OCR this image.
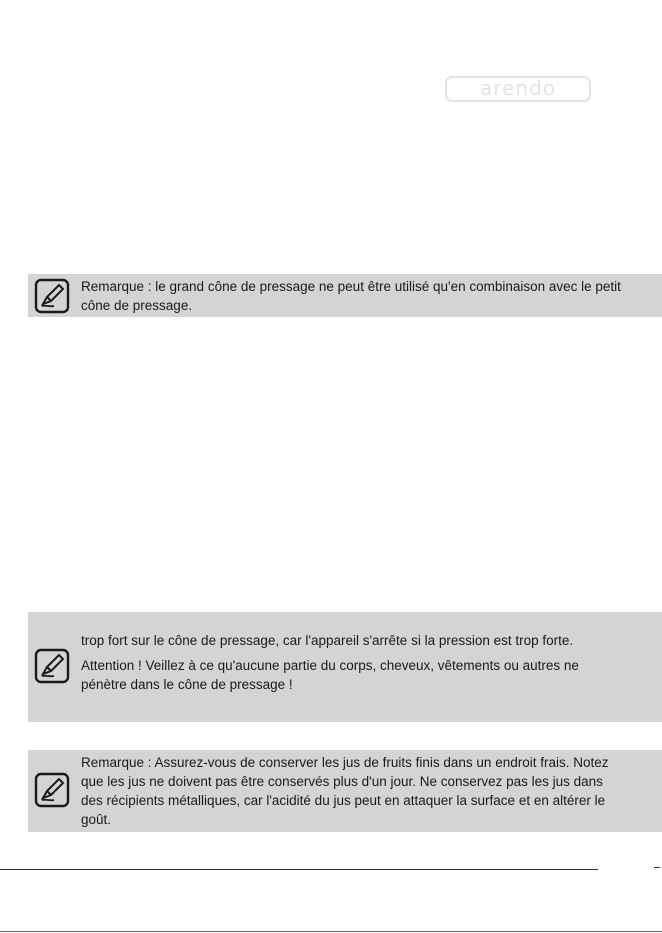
arendo

Remarque : le grand cône de pressage ne peut être utilisé qu'en combinaison avec le petit cône de pressage.

trop fort sur le cône de pressage, car l'appareil s'arrête si la pression est trop forte.

Attention ! Veillez à ce qu'aucune partie du corps, cheveux, vêtements ou autres ne pénètre dans le cône de pressage !

Remarque : Assurez-vous de conserver les jus de fruits finis dans un endroit frais. Notez que les jus ne doivent pas être conservés plus d'un jour. Ne conservez pas les jus dans des récipients métalliques, car l'acidité du jus peut en attaquer la surface et en altérer le goût.
